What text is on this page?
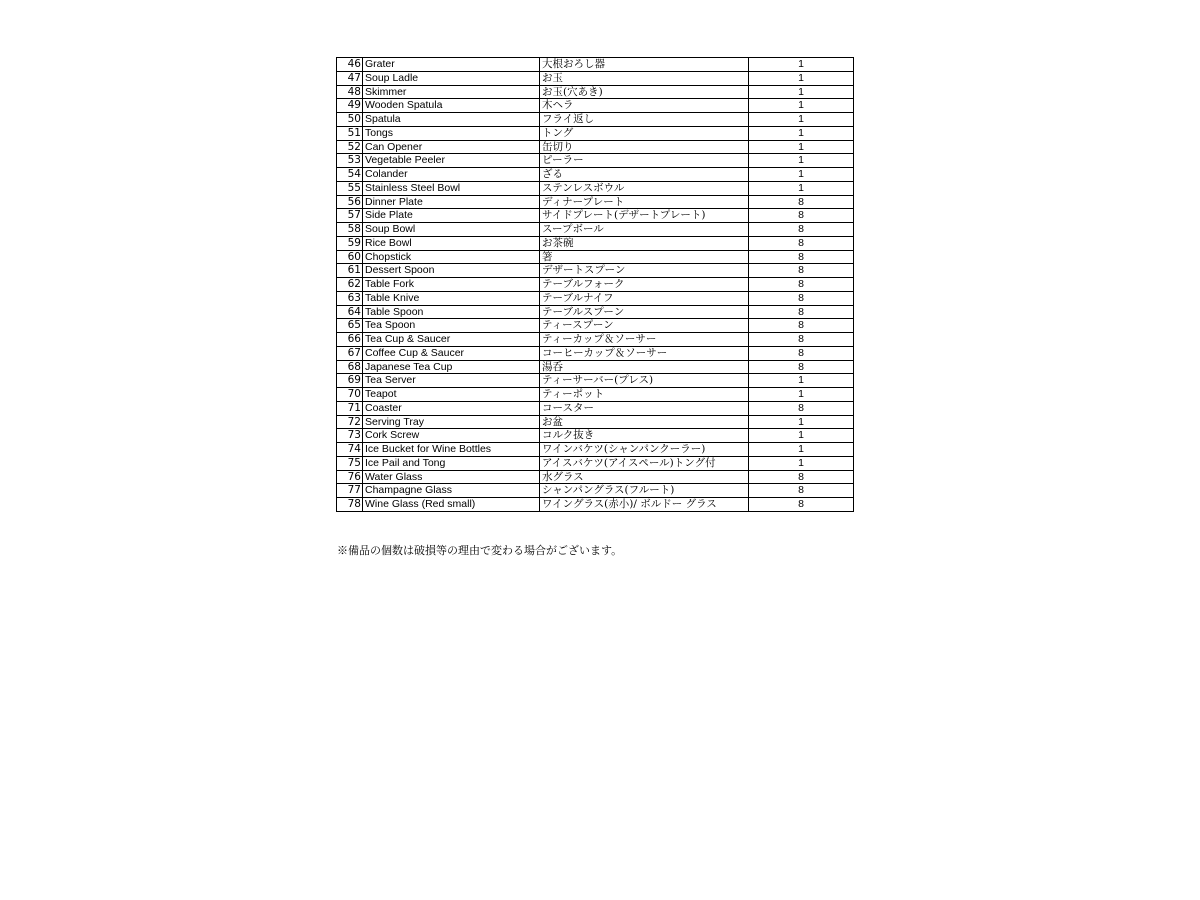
46	Grater	大根おろし器	1
47	Soup Ladle	お玉	1
48	Skimmer	お玉(穴あき)	1
49	Wooden Spatula	木ヘラ	1
50	Spatula	フライ返し	1
51	Tongs	トング	1
52	Can Opener	缶切り	1
53	Vegetable Peeler	ピーラー	1
54	Colander	ざる	1
55	Stainless Steel Bowl	ステンレスボウル	1
56	Dinner Plate	ディナープレート	8
57	Side Plate	サイドプレート(デザートプレート)	8
58	Soup Bowl	スープボール	8
59	Rice Bowl	お茶碗	8
60	Chopstick	箸	8
61	Dessert Spoon	デザートスプーン	8
62	Table Fork	テーブルフォーク	8
63	Table Knive	テーブルナイフ	8
64	Table Spoon	テーブルスプーン	8
65	Tea Spoon	ティースプーン	8
66	Tea Cup & Saucer	ティーカップ＆ソーサー	8
67	Coffee Cup & Saucer	コーヒーカップ＆ソーサー	8
68	Japanese Tea Cup	湯呑	8
69	Tea Server	ティーサーバー(プレス)	1
70	Teapot	ティーポット	1
71	Coaster	コースター	8
72	Serving Tray	お盆	1
73	Cork Screw	コルク抜き	1
74	Ice Bucket for Wine Bottles	ワインバケツ(シャンパンクーラー)	1
75	Ice Pail and Tong	アイスバケツ(アイスペール)トング付	1
76	Water Glass	水グラス	8
77	Champagne Glass	シャンパングラス(フルート)	8
78	Wine Glass (Red small)	ワイングラス(赤小)/ ボルドー グラス	8
※備品の個数は破損等の理由で変わる場合がございます。
